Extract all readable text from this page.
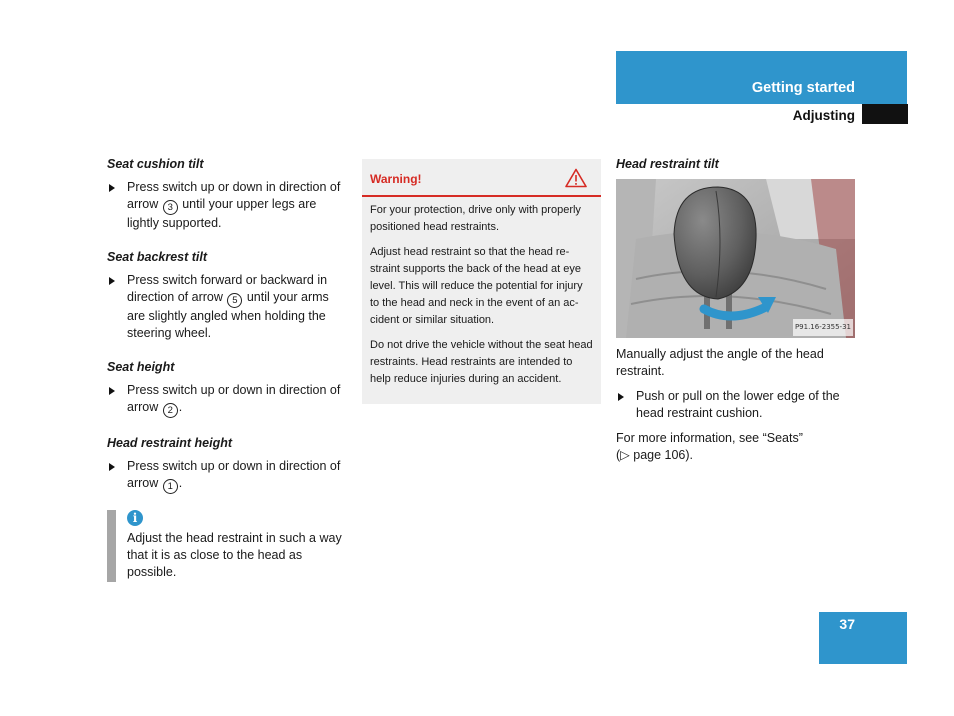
Getting started
Adjusting
Seat cushion tilt

Press switch up or down in direction of arrow 3 until your upper legs are lightly supported.

Seat backrest tilt

Press switch forward or backward in direction of arrow 5 until your arms are slightly angled when holding the steering wheel.

Seat height

Press switch up or down in direction of arrow 2 .

Head restraint height

Press switch up or down in direction of arrow 1 .

i

Adjust the head restraint in such a way that it is as close to the head as possible.

Warning!

For your protection, drive only with properly positioned head restraints.

Adjust head restraint so that the head re-straint supports the back of the head at eye level. This will reduce the potential for injury to the head and neck in the event of an ac-cident or similar situation.

Do not drive the vehicle without the seat head restraints. Head restraints are intended to help reduce injuries during an accident.

Head restraint tilt
P91.16-2355-31

Manually adjust the angle of the head restraint.

Push or pull on the lower edge of the head restraint cushion.

For more information, see “Seats”
(▷ page 106).

37
